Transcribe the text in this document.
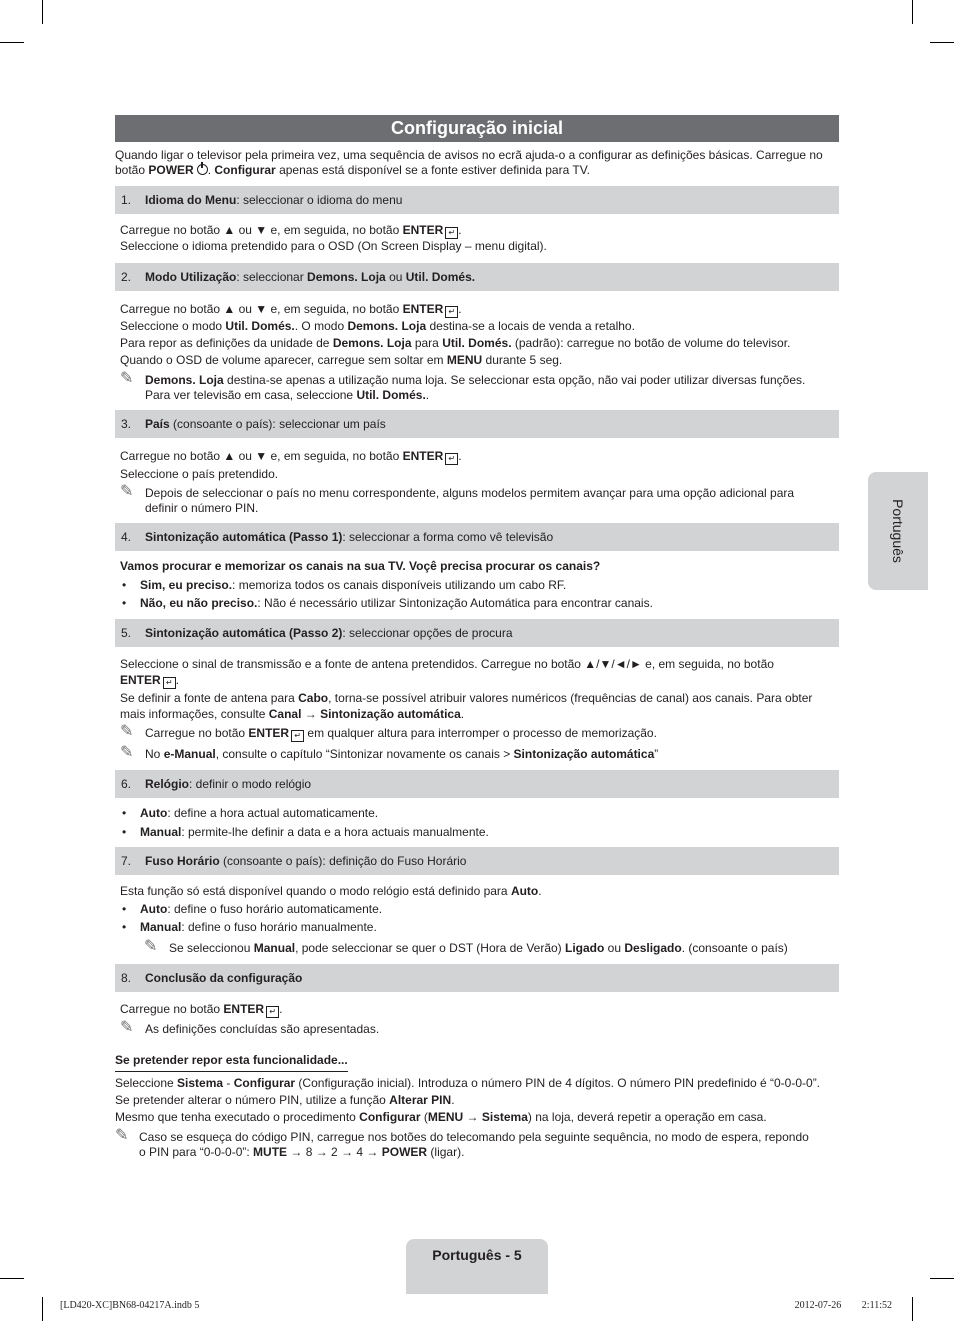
Configuração inicial

Quando ligar o televisor pela primeira vez, uma sequência de avisos no ecrã ajuda-o a configurar as definições básicas. Carregue no
botão POWER . Configurar apenas está disponível se a fonte estiver definida para TV.

1. Idioma do Menu: seleccionar o idioma do menu

Carregue no botão ▲ ou ▼ e, em seguida, no botão ENTER ↵ .
Seleccione o idioma pretendido para o OSD (On Screen Display – menu digital).

2. Modo Utilização: seleccionar Demons. Loja ou Util. Domés.

Carregue no botão ▲ ou ▼ e, em seguida, no botão ENTER ↵ .
Seleccione o modo Util. Domés.. O modo Demons. Loja destina-se a locais de venda a retalho.
Para repor as definições da unidade de Demons. Loja para Util. Domés. (padrão): carregue no botão de volume do televisor.
Quando o OSD de volume aparecer, carregue sem soltar em MENU durante 5 seg.

✎ Demons. Loja destina-se apenas a utilização numa loja. Se seleccionar esta opção, não vai poder utilizar diversas funções.
Para ver televisão em casa, seleccione Util. Domés..

3. País (consoante o país): seleccionar um país

Carregue no botão ▲ ou ▼ e, em seguida, no botão ENTER ↵ .
Seleccione o país pretendido.

✎ Depois de seleccionar o país no menu correspondente, alguns modelos permitem avançar para uma opção adicional para
definir o número PIN.

4. Sintonização automática (Passo 1): seleccionar a forma como vê televisão

Vamos procurar e memorizar os canais na sua TV. Voçê precisa procurar os canais?

• Sim, eu preciso.: memoriza todos os canais disponíveis utilizando um cabo RF.
• Não, eu não preciso.: Não é necessário utilizar Sintonização Automática para encontrar canais.
5. Sintonização automática (Passo 2): seleccionar opções de procura

Seleccione o sinal de transmissão e a fonte de antena pretendidos. Carregue no botão ▲/▼/◄/► e, em seguida, no botão
ENTER ↵ .

Se definir a fonte de antena para Cabo, torna-se possível atribuir valores numéricos (frequências de canal) aos canais. Para obter
mais informações, consulte Canal → Sintonização automática.

✎ Carregue no botão ENTER ↵ em qualquer altura para interromper o processo de memorização.

✎ No e-Manual, consulte o capítulo “Sintonizar novamente os canais > Sintonização automática”

6. Relógio: definir o modo relógio
• Auto: define a hora actual automaticamente.
• Manual: permite-lhe definir a data e a hora actuais manualmente.
7. Fuso Horário (consoante o país): definição do Fuso Horário

Esta função só está disponível quando o modo relógio está definido para Auto.

• Auto: define o fuso horário automaticamente.
• Manual: define o fuso horário manualmente.
✎ Se seleccionou Manual, pode seleccionar se quer o DST (Hora de Verão) Ligado ou Desligado. (consoante o país)

8. Conclusão da configuração

Carregue no botão ENTER ↵ .

✎ As definições concluídas são apresentadas.

Se pretender repor esta funcionalidade...

Seleccione Sistema - Configurar (Configuração inicial). Introduza o número PIN de 4 dígitos. O número PIN predefinido é “0-0-0-0”.
Se pretender alterar o número PIN, utilize a função Alterar PIN.
Mesmo que tenha executado o procedimento Configurar (MENU → Sistema) na loja, deverá repetir a operação em casa.

✎ Caso se esqueça do código PIN, carregue nos botões do telecomando pela seguinte sequência, no modo de espera, repondo
o PIN para “0-0-0-0”: MUTE → 8 → 2 → 4 → POWER (ligar).

Português
Português - 5
[LD420-XC]BN68-04217A.indb 5	2012-07-26 ￿￿ 2:11:52
